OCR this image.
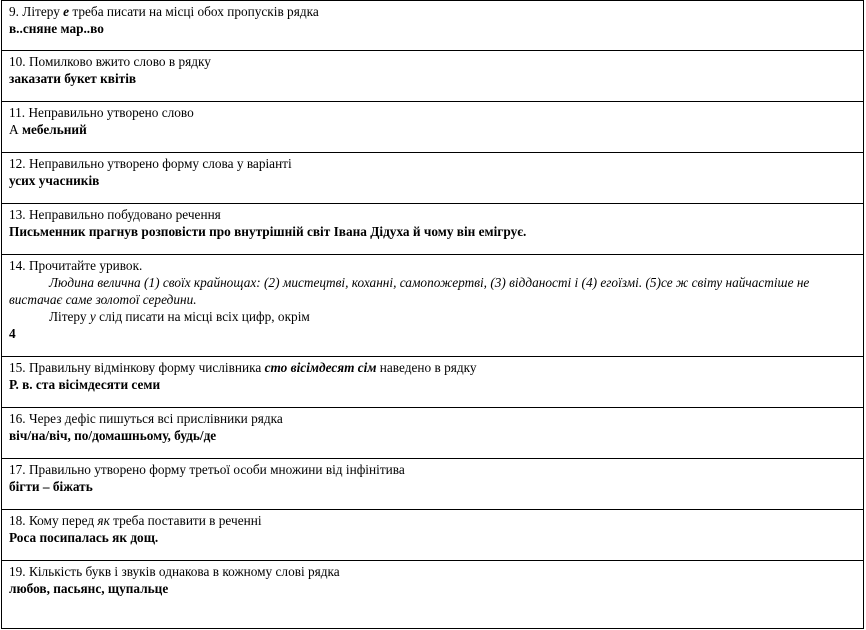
9. Літеру е треба писати на місці обох пропусків рядка
в..сняне мар..во
10. Помилково вжито слово в рядку
заказати букет квітів
11. Неправильно утворено слово
А мебельний
12. Неправильно утворено форму слова у варіанті
усих учасників
13. Неправильно побудовано речення
Письменник прагнув розповісти про внутрішній світ Івана Дідуха й чому він емігрує.
14. Прочитайте уривок.
Людина велична (1) своїх крайнощах: (2) мистецтві, коханні, самопожертві, (3) відданості і (4) егоїзмі. (5)се ж світу найчастіше не вистачає саме золотої середини.
Літеру у слід писати на місці всіх цифр, окрім
4
15. Правильну відмінкову форму числівника сто вісімдесят сім наведено в рядку
Р. в. ста вісімдесяти семи
16. Через дефіс пишуться всі прислівники рядка
віч/на/віч, по/домашньому, будь/де
17. Правильно утворено форму третьої особи множини від інфінітива
бігти – біжать
18. Кому перед як треба поставити в реченні
Роса посипалась як дощ.
19. Кількість букв і звуків однакова в кожному слові рядка
любов, пасьянс, щупальце
